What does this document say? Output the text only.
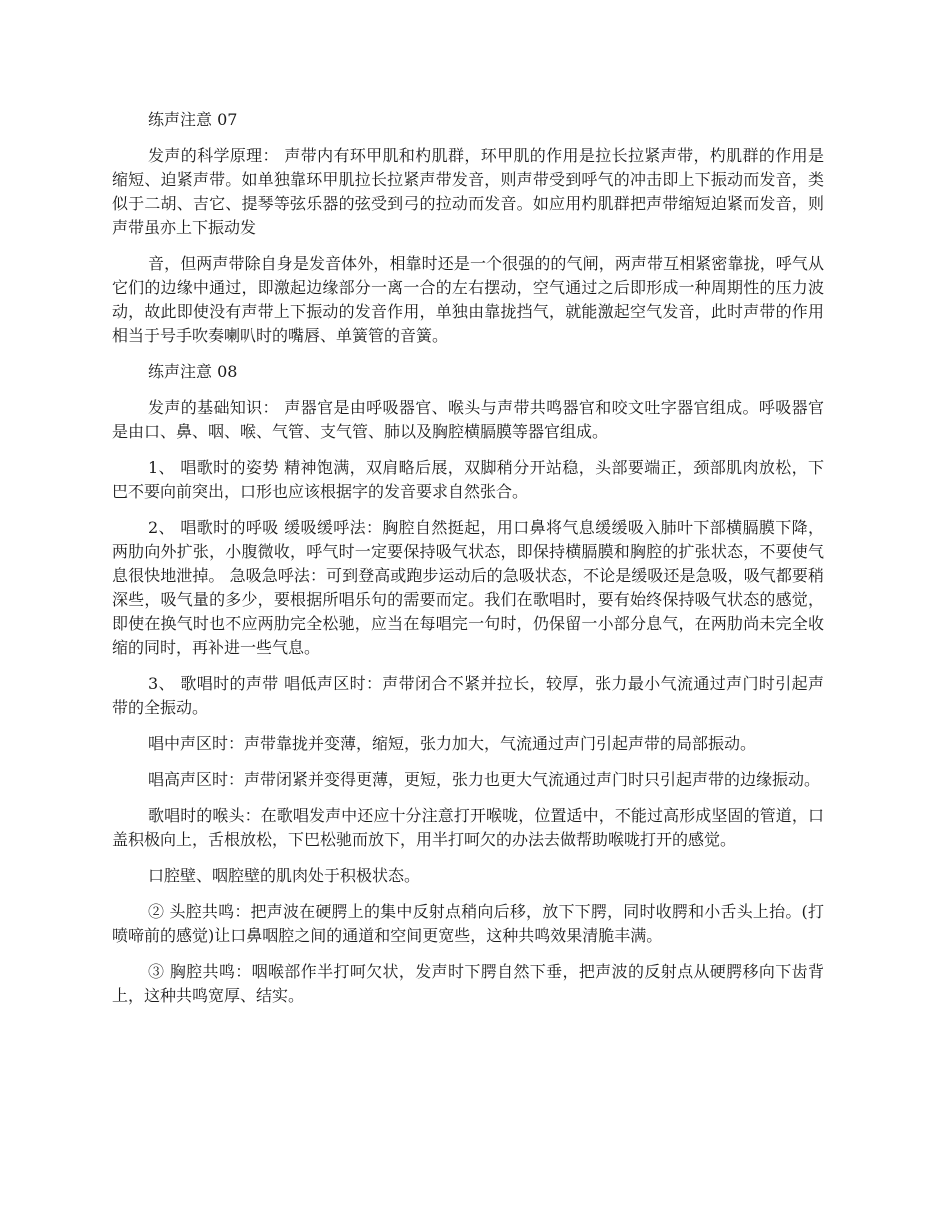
练声注意 07

发声的科学原理： 声带内有环甲肌和杓肌群，环甲肌的作用是拉长拉紧声带，杓肌群的作用是缩短、迫紧声带。如单独靠环甲肌拉长拉紧声带发音，则声带受到呼气的冲击即上下振动而发音，类似于二胡、吉它、提琴等弦乐器的弦受到弓的拉动而发音。如应用杓肌群把声带缩短迫紧而发音，则声带虽亦上下振动发

音，但两声带除自身是发音体外，相靠时还是一个很强的的气闸，两声带互相紧密靠拢，呼气从它们的边缘中通过，即激起边缘部分一离一合的左右摆动，空气通过之后即形成一种周期性的压力波动，故此即使没有声带上下振动的发音作用，单独由靠拢挡气，就能激起空气发音，此时声带的作用相当于号手吹奏喇叭时的嘴唇、单簧管的音簧。

练声注意 08

发声的基础知识： 声器官是由呼吸器官、喉头与声带共鸣器官和咬文吐字器官组成。呼吸器官是由口、鼻、咽、喉、气管、支气管、肺以及胸腔横膈膜等器官组成。

1、 唱歌时的姿势 精神饱满，双肩略后展，双脚稍分开站稳，头部要端正，颈部肌肉放松，下巴不要向前突出，口形也应该根据字的发音要求自然张合。

2、 唱歌时的呼吸 缓吸缓呼法：胸腔自然挺起，用口鼻将气息缓缓吸入肺叶下部横膈膜下降，两肋向外扩张，小腹微收，呼气时一定要保持吸气状态，即保持横膈膜和胸腔的扩张状态，不要使气息很快地泄掉。 急吸急呼法：可到登高或跑步运动后的急吸状态，不论是缓吸还是急吸，吸气都要稍深些，吸气量的多少，要根据所唱乐句的需要而定。我们在歌唱时，要有始终保持吸气状态的感觉，即使在换气时也不应两肋完全松驰，应当在每唱完一句时，仍保留一小部分息气，在两肋尚未完全收缩的同时，再补进一些气息。

3、 歌唱时的声带 唱低声区时：声带闭合不紧并拉长，较厚，张力最小气流通过声门时引起声带的全振动。

唱中声区时：声带靠拢并变薄，缩短，张力加大，气流通过声门引起声带的局部振动。

唱高声区时：声带闭紧并变得更薄，更短，张力也更大气流通过声门时只引起声带的边缘振动。

歌唱时的喉头：在歌唱发声中还应十分注意打开喉咙，位置适中，不能过高形成坚固的管道，口盖积极向上，舌根放松，下巴松驰而放下，用半打呵欠的办法去做帮助喉咙打开的感觉。

口腔壁、咽腔壁的肌肉处于积极状态。

② 头腔共鸣：把声波在硬腭上的集中反射点稍向后移，放下下腭，同时收腭和小舌头上抬。(打喷啼前的感觉)让口鼻咽腔之间的通道和空间更宽些，这种共鸣效果清脆丰满。

③ 胸腔共鸣：咽喉部作半打呵欠状，发声时下腭自然下垂，把声波的反射点从硬腭移向下齿背上，这种共鸣宽厚、结实。
